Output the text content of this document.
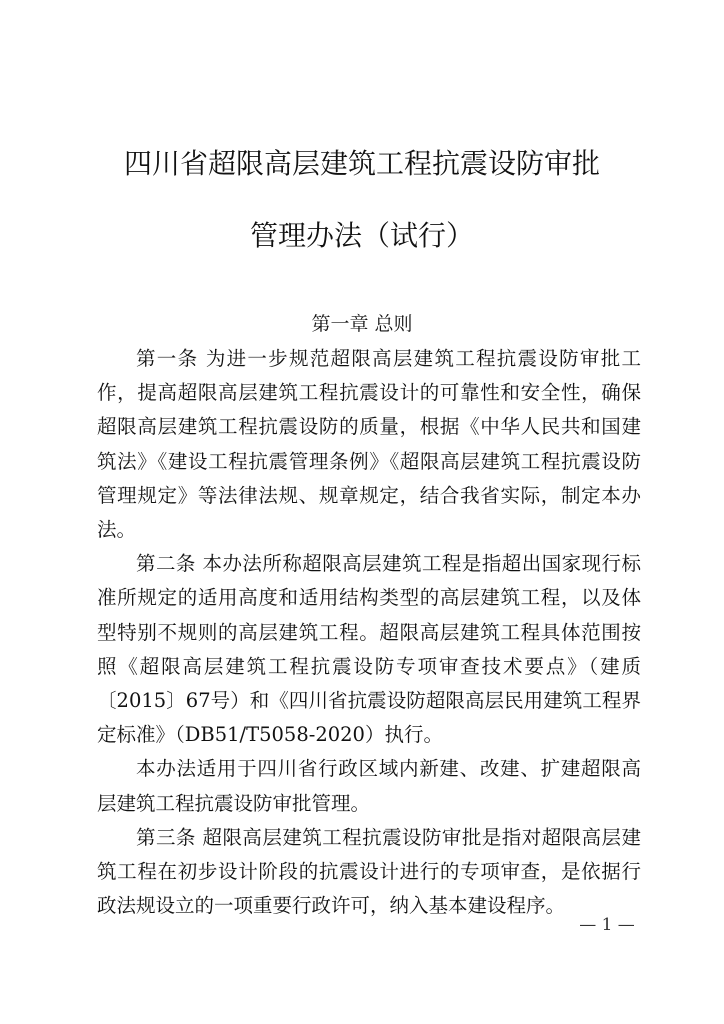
四川省超限高层建筑工程抗震设防审批
管理办法（试行）
第一章 总则

第一条 为进一步规范超限高层建筑工程抗震设防审批工作，提高超限高层建筑工程抗震设计的可靠性和安全性，确保超限高层建筑工程抗震设防的质量，根据《中华人民共和国建筑法》《建设工程抗震管理条例》《超限高层建筑工程抗震设防管理规定》等法律法规、规章规定，结合我省实际，制定本办法。

第二条 本办法所称超限高层建筑工程是指超出国家现行标准所规定的适用高度和适用结构类型的高层建筑工程，以及体型特别不规则的高层建筑工程。超限高层建筑工程具体范围按照《超限高层建筑工程抗震设防专项审查技术要点》（建质〔2015〕67号）和《四川省抗震设防超限高层民用建筑工程界定标准》（DB51/T5058-2020）执行。

本办法适用于四川省行政区域内新建、改建、扩建超限高层建筑工程抗震设防审批管理。

第三条 超限高层建筑工程抗震设防审批是指对超限高层建筑工程在初步设计阶段的抗震设计进行的专项审查，是依据行政法规设立的一项重要行政许可，纳入基本建设程序。

— 1 —
